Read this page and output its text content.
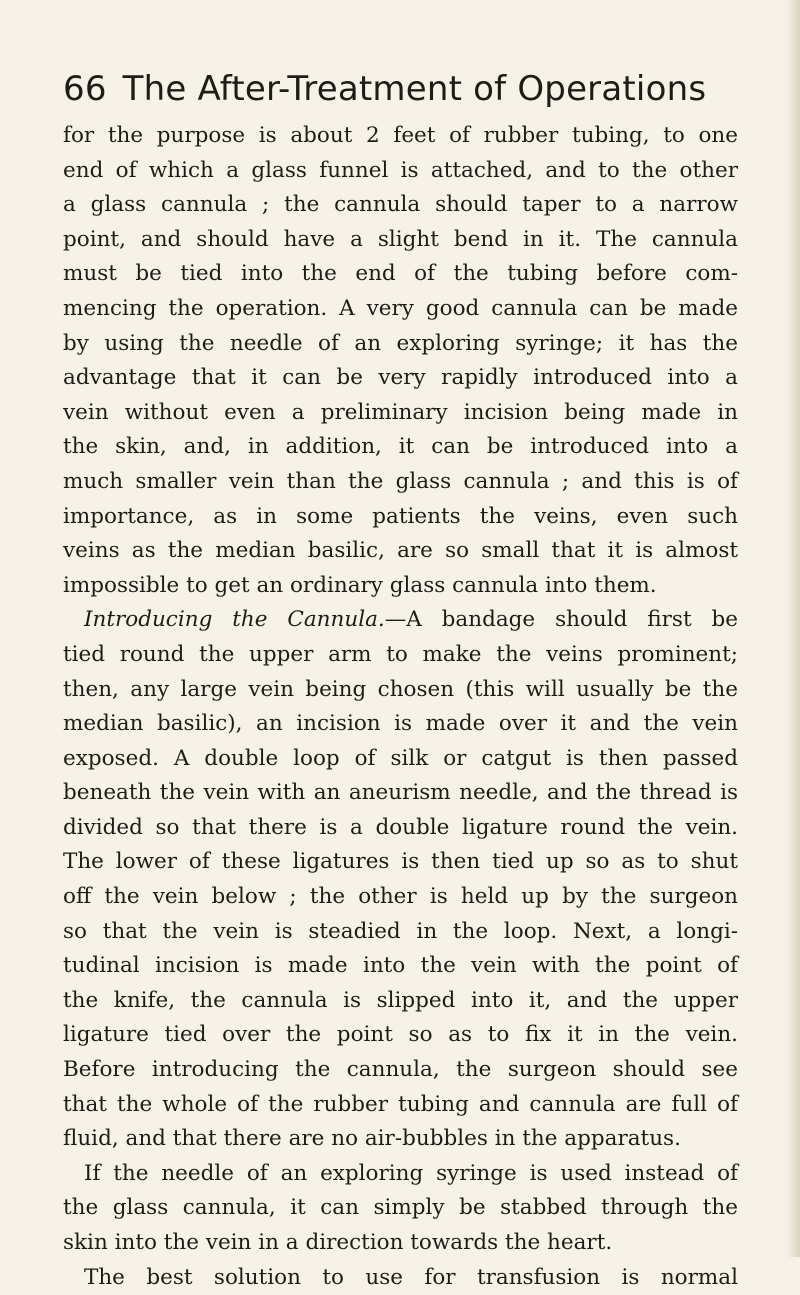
66 The After-Treatment of Operations
for the purpose is about 2 feet of rubber tubing, to one
end of which a glass funnel is attached, and to the other
a glass cannula ; the cannula should taper to a narrow
point, and should have a slight bend in it. The cannula
must be tied into the end of the tubing before com-
mencing the operation. A very good cannula can be made
by using the needle of an exploring syringe; it has the
advantage that it can be very rapidly introduced into a
vein without even a preliminary incision being made in
the skin, and, in addition, it can be introduced into a
much smaller vein than the glass cannula ; and this is of
importance, as in some patients the veins, even such
veins as the median basilic, are so small that it is almost
impossible to get an ordinary glass cannula into them.
Introducing the Cannula.—A bandage should first be
tied round the upper arm to make the veins prominent;
then, any large vein being chosen (this will usually be the
median basilic), an incision is made over it and the vein
exposed. A double loop of silk or catgut is then passed
beneath the vein with an aneurism needle, and the thread is
divided so that there is a double ligature round the vein.
The lower of these ligatures is then tied up so as to shut
off the vein below ; the other is held up by the surgeon
so that the vein is steadied in the loop. Next, a longi-
tudinal incision is made into the vein with the point of
the knife, the cannula is slipped into it, and the upper
ligature tied over the point so as to fix it in the vein.
Before introducing the cannula, the surgeon should see
that the whole of the rubber tubing and cannula are full of
fluid, and that there are no air-bubbles in the apparatus.
If the needle of an exploring syringe is used instead of
the glass cannula, it can simply be stabbed through the
skin into the vein in a direction towards the heart.
The best solution to use for transfusion is normal
